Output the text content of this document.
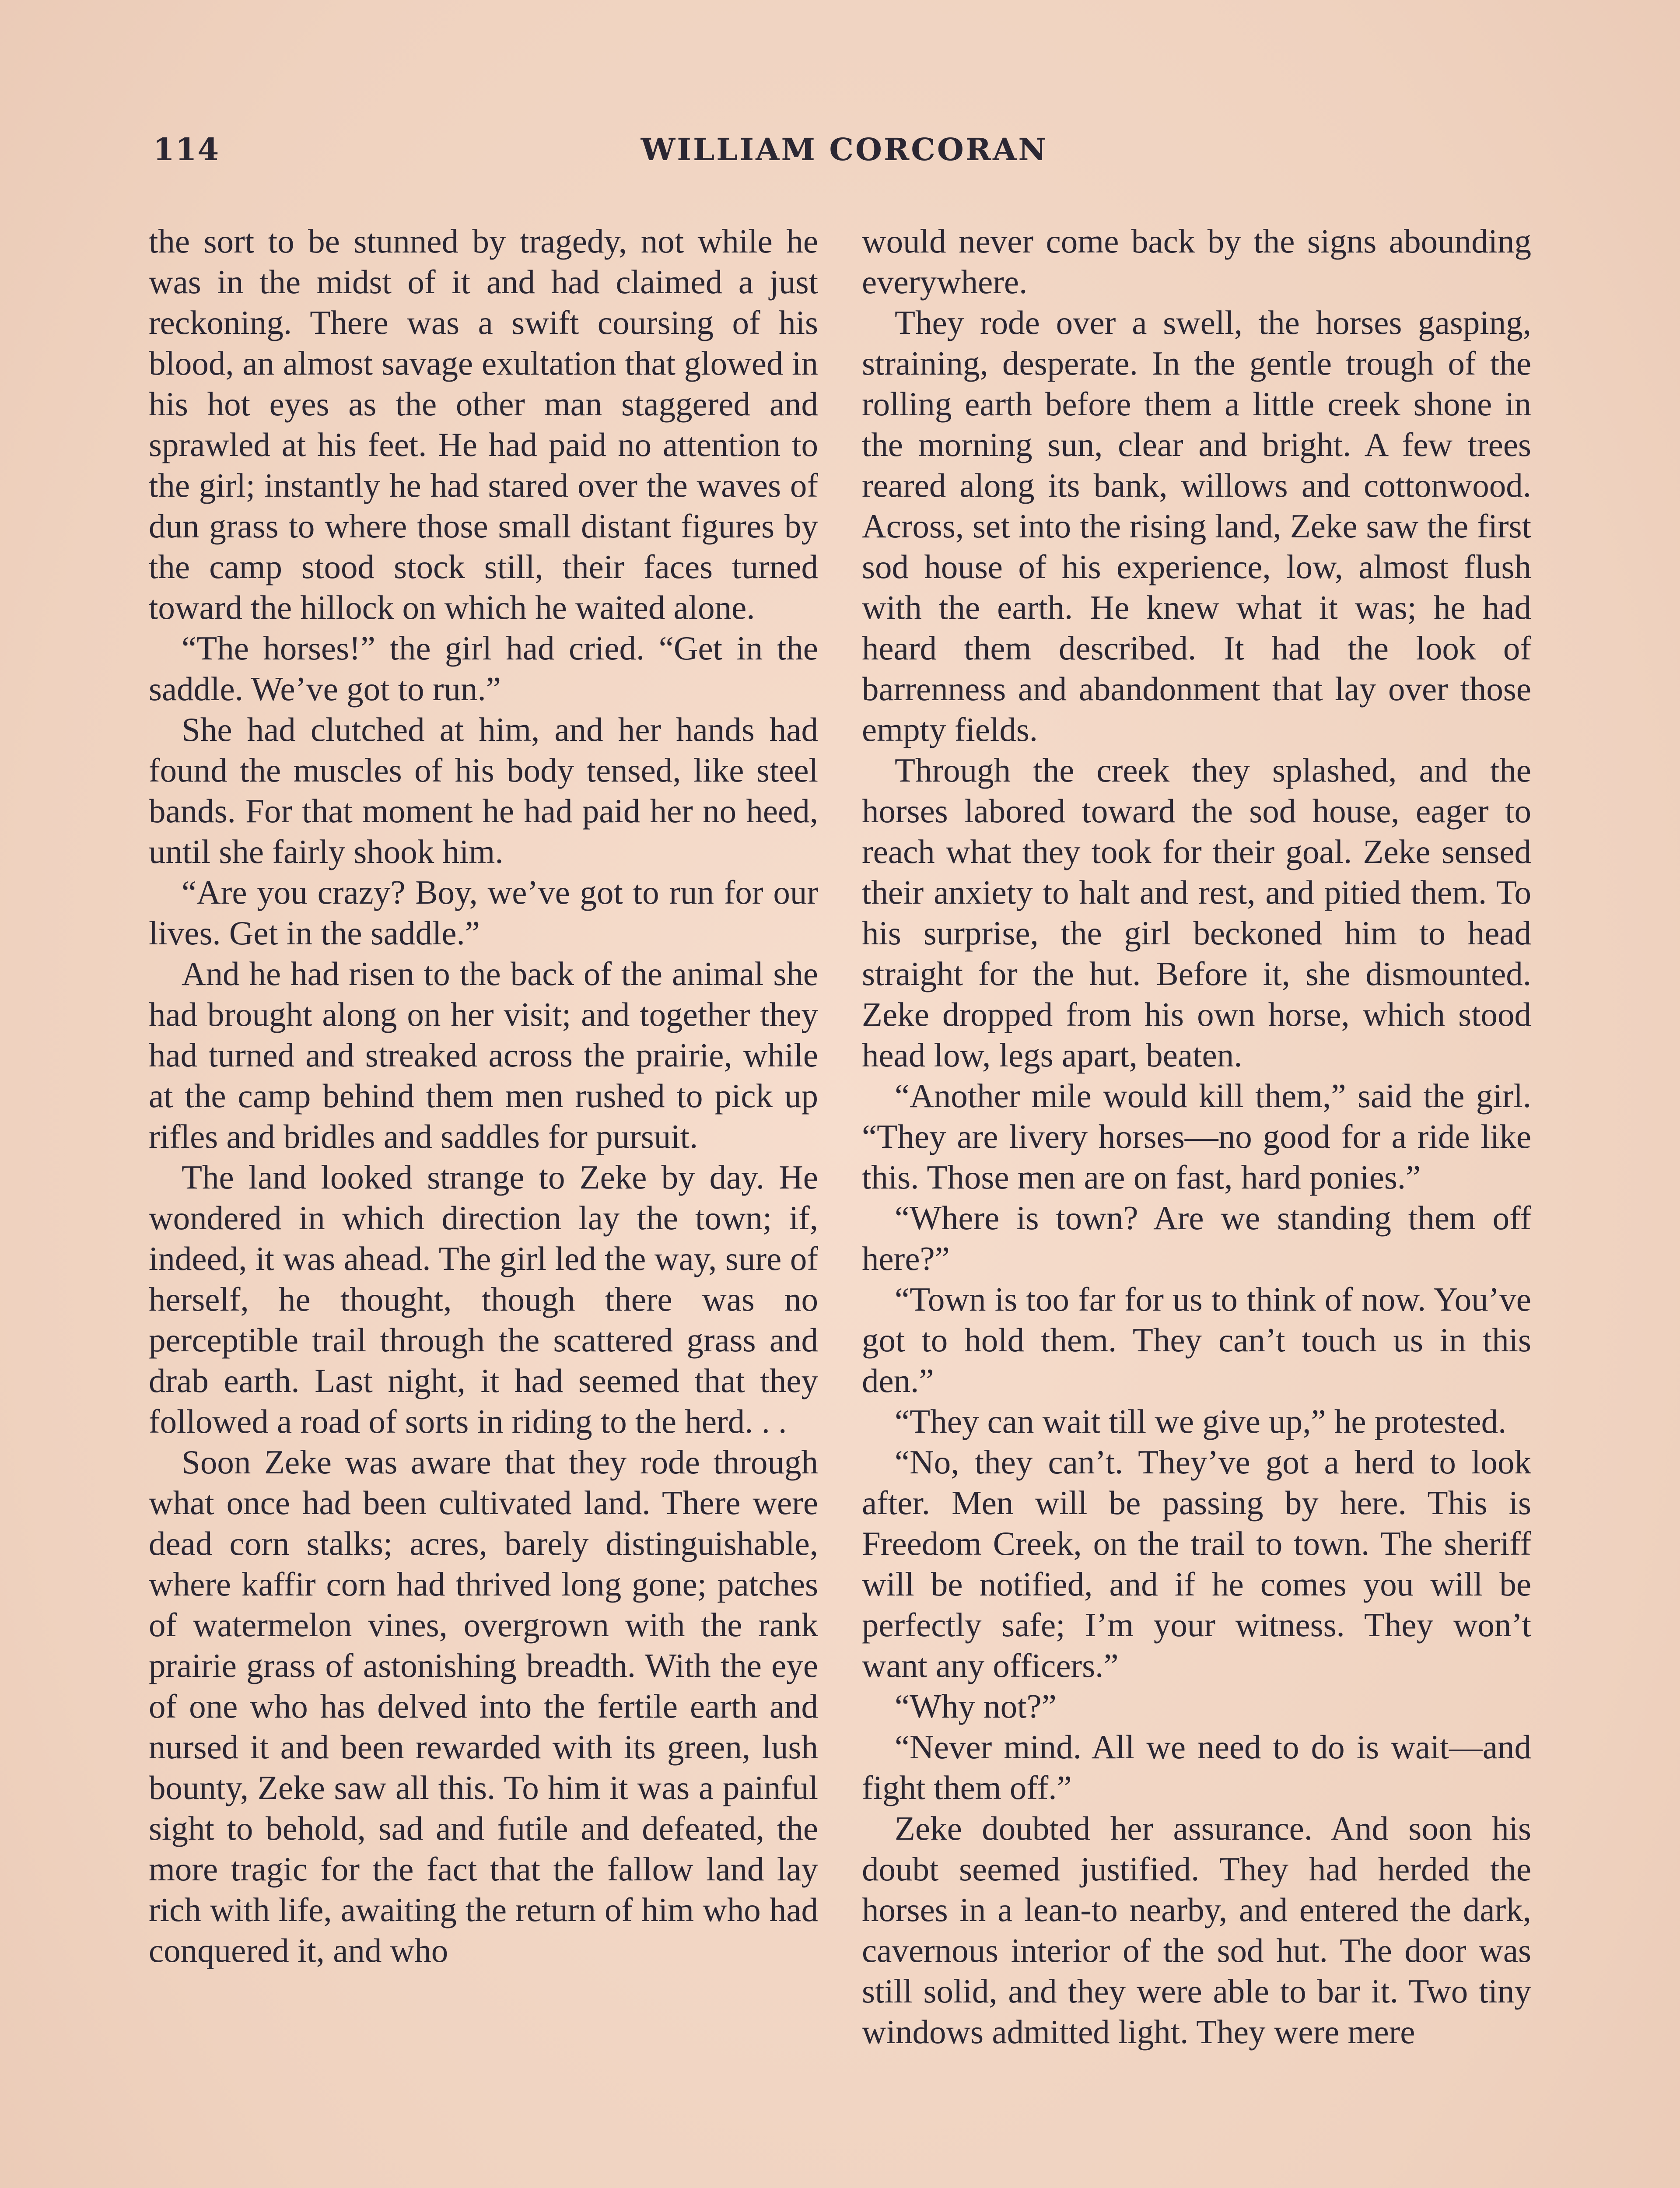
114	WILLIAM CORCORAN

the sort to be stunned by tragedy, not while he was in the midst of it and had claimed a just reckoning. There was a swift coursing of his blood, an almost savage exultation that glowed in his hot eyes as the other man staggered and sprawled at his feet. He had paid no attention to the girl; instantly he had stared over the waves of dun grass to where those small distant figures by the camp stood stock still, their faces turned toward the hillock on which he waited alone.

“The horses!” the girl had cried. “Get in the saddle. We’ve got to run.”

She had clutched at him, and her hands had found the muscles of his body tensed, like steel bands. For that moment he had paid her no heed, until she fairly shook him.

“Are you crazy? Boy, we’ve got to run for our lives. Get in the saddle.”

And he had risen to the back of the animal she had brought along on her visit; and together they had turned and streaked across the prairie, while at the camp behind them men rushed to pick up rifles and bridles and saddles for pursuit.

The land looked strange to Zeke by day. He wondered in which direction lay the town; if, indeed, it was ahead. The girl led the way, sure of herself, he thought, though there was no perceptible trail through the scattered grass and drab earth. Last night, it had seemed that they followed a road of sorts in riding to the herd. . .

Soon Zeke was aware that they rode through what once had been cultivated land. There were dead corn stalks; acres, barely distinguishable, where kaffir corn had thrived long gone; patches of watermelon vines, overgrown with the rank prairie grass of astonishing breadth. With the eye of one who has delved into the fertile earth and nursed it and been rewarded with its green, lush bounty, Zeke saw all this. To him it was a painful sight to behold, sad and futile and defeated, the more tragic for the fact that the fallow land lay rich with life, awaiting the return of him who had conquered it, and who

would never come back by the signs abounding everywhere.

They rode over a swell, the horses gasping, straining, desperate. In the gentle trough of the rolling earth before them a little creek shone in the morning sun, clear and bright. A few trees reared along its bank, willows and cottonwood. Across, set into the rising land, Zeke saw the first sod house of his experience, low, almost flush with the earth. He knew what it was; he had heard them described. It had the look of barrenness and abandonment that lay over those empty fields.

Through the creek they splashed, and the horses labored toward the sod house, eager to reach what they took for their goal. Zeke sensed their anxiety to halt and rest, and pitied them. To his surprise, the girl beckoned him to head straight for the hut. Before it, she dismounted. Zeke dropped from his own horse, which stood head low, legs apart, beaten.

“Another mile would kill them,” said the girl. “They are livery horses—no good for a ride like this. Those men are on fast, hard ponies.”

“Where is town? Are we standing them off here?”

“Town is too far for us to think of now. You’ve got to hold them. They can’t touch us in this den.”

“They can wait till we give up,” he protested.

“No, they can’t. They’ve got a herd to look after. Men will be passing by here. This is Freedom Creek, on the trail to town. The sheriff will be notified, and if he comes you will be perfectly safe; I’m your witness. They won’t want any officers.”

“Why not?”

“Never mind. All we need to do is wait—and fight them off.”

Zeke doubted her assurance. And soon his doubt seemed justified. They had herded the horses in a lean-to nearby, and entered the dark, cavernous interior of the sod hut. The door was still solid, and they were able to bar it. Two tiny windows admitted light. They were mere
